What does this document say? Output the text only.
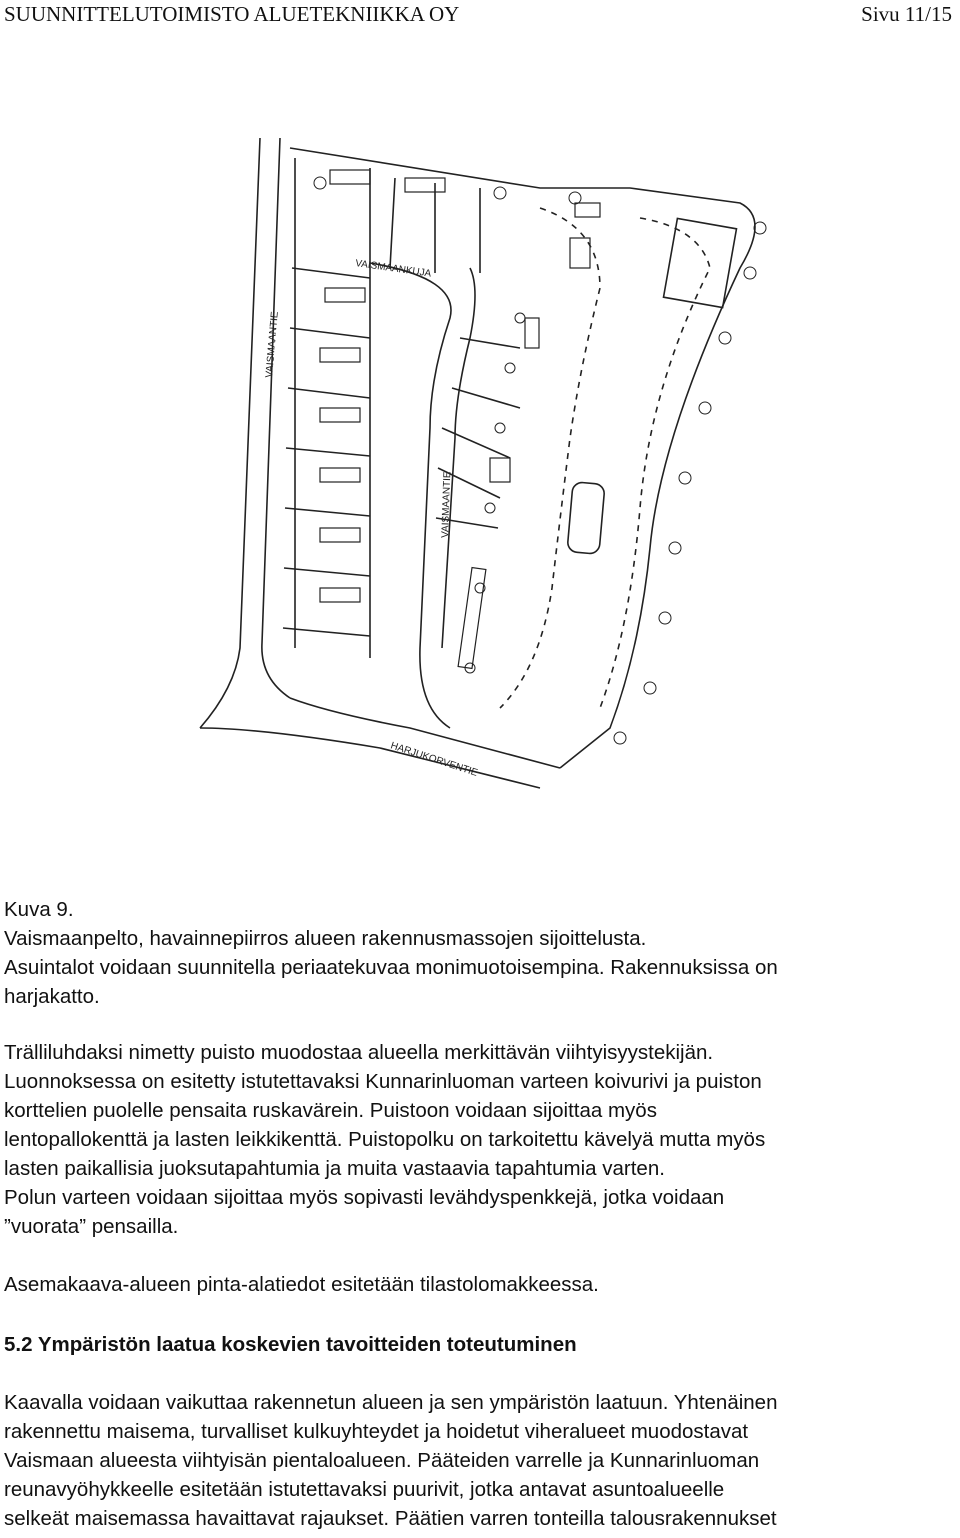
SUUNNITTELUTOIMISTO ALUETEKNIIKKA OY	Sivu 11/15
VAISMAANTIE
VAISMAANKUJA
VAISMAANTIE
HARJUKORVENTIE
Kuva 9.
Vaismaanpelto, havainnepiirros alueen rakennusmassojen sijoittelusta.
Asuintalot voidaan suunnitella periaatekuvaa monimuotoisempina. Rakennuksissa on
harjakatto.
Trälliluhdaksi nimetty puisto muodostaa alueella merkittävän viihtyisyystekijän.
Luonnoksessa on esitetty istutettavaksi Kunnarinluoman varteen koivurivi ja puiston
korttelien puolelle pensaita ruskavärein. Puistoon voidaan sijoittaa myös
lentopallokenttä ja lasten leikkikenttä. Puistopolku on tarkoitettu kävelyä mutta myös
lasten paikallisia juoksutapahtumia ja muita vastaavia tapahtumia varten.
Polun varteen voidaan sijoittaa myös sopivasti levähdyspenkkejä, jotka voidaan
”vuorata” pensailla.
Asemakaava-alueen pinta-alatiedot esitetään tilastolomakkeessa.
5.2 Ympäristön laatua koskevien tavoitteiden toteutuminen
Kaavalla voidaan vaikuttaa rakennetun alueen ja sen ympäristön laatuun. Yhtenäinen
rakennettu maisema, turvalliset kulkuyhteydet ja hoidetut viheralueet muodostavat
Vaismaan alueesta viihtyisän pientaloalueen. Pääteiden varrelle ja Kunnarinluoman
reunavyöhykkeelle esitetään istutettavaksi puurivit, jotka antavat asuntoalueelle
selkeät maisemassa havaittavat rajaukset. Päätien varren tonteilla talousrakennukset
